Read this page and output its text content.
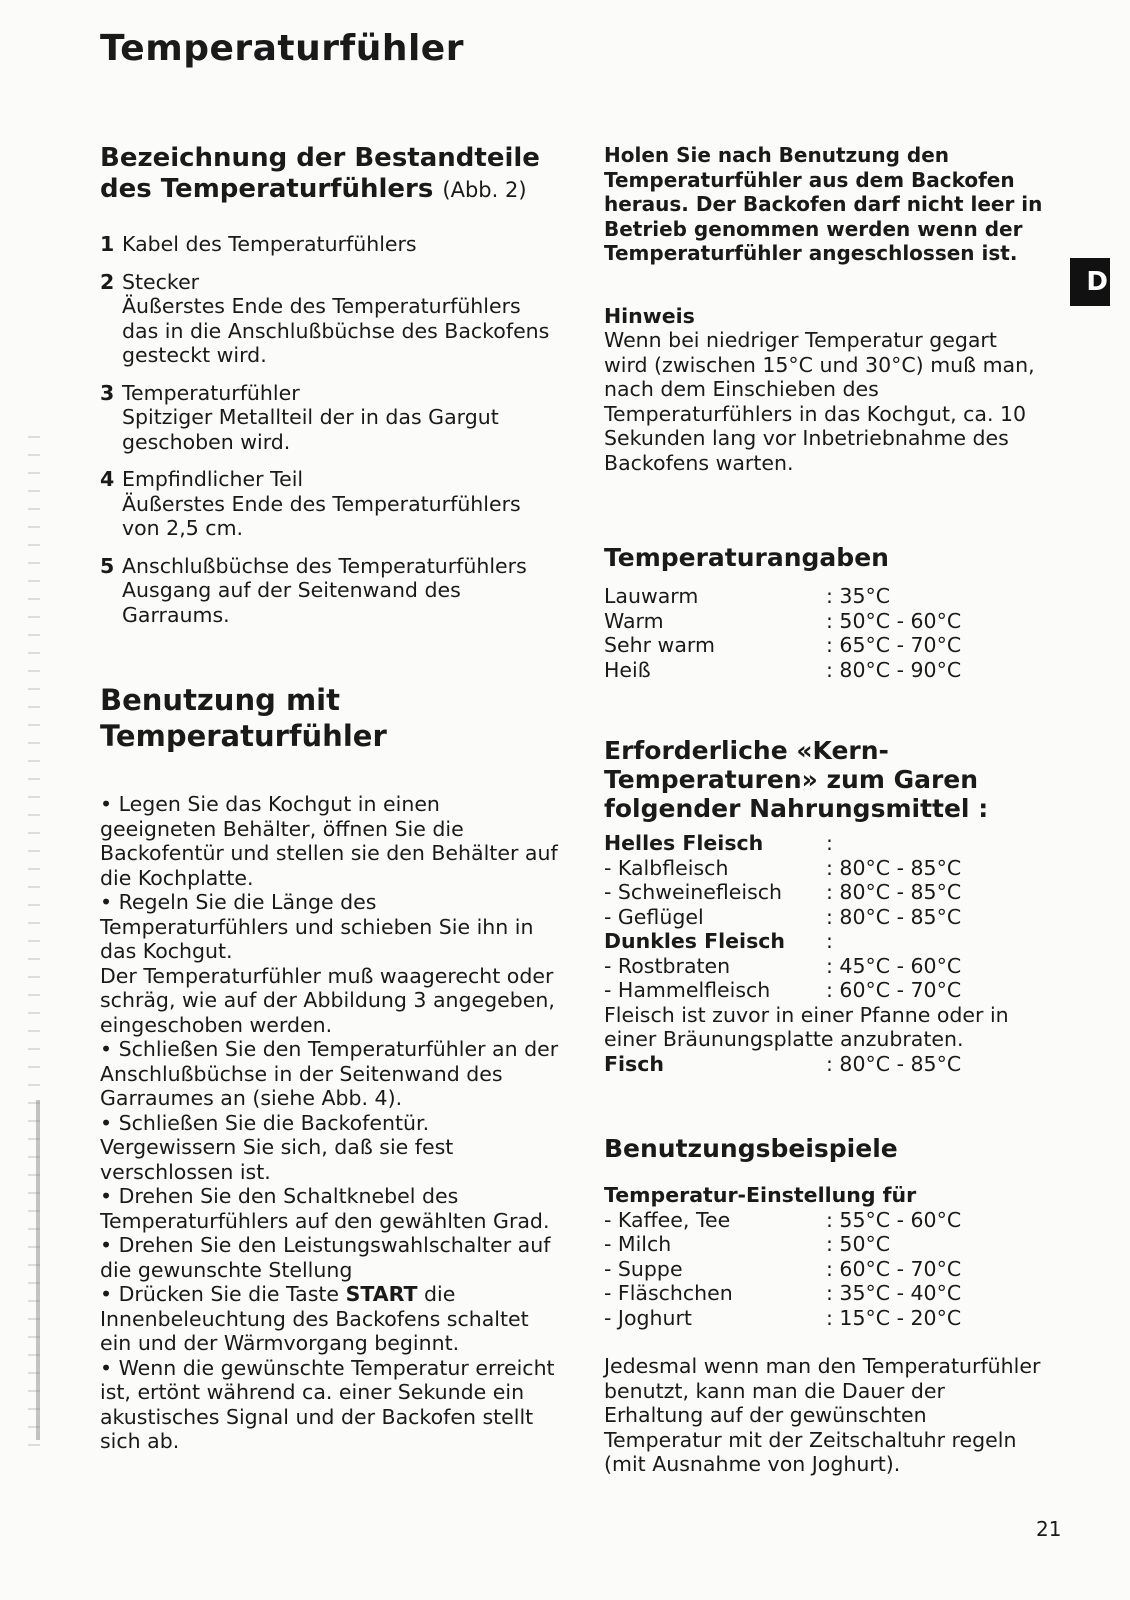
Temperaturfühler
D
Bezeichnung der Bestandteile des Temperaturfühlers (Abb. 2)
1 Kabel des Temperaturfühlers

2 Stecker

Äußerstes Ende des Temperaturfühlers das in die Anschlußbüchse des Backofens gesteckt wird.

3 Temperaturfühler

Spitziger Metallteil der in das Gargut geschoben wird.

4 Empfindlicher Teil

Äußerstes Ende des Temperaturfühlers von 2,5 cm.

5 Anschlußbüchse des Temperaturfühlers

Ausgang auf der Seitenwand des Garraums.

Benutzung mit
Temperaturfühler

• Legen Sie das Kochgut in einen geeigneten Behälter, öffnen Sie die Backofentür und stellen sie den Behälter auf die Kochplatte.

• Regeln Sie die Länge des Temperaturfühlers und schieben Sie ihn in das Kochgut.

Der Temperaturfühler muß waagerecht oder schräg, wie auf der Abbildung 3 angegeben, eingeschoben werden.

• Schließen Sie den Temperaturfühler an der Anschlußbüchse in der Seitenwand des Garraumes an (siehe Abb. 4).

• Schließen Sie die Backofentür. Vergewissern Sie sich, daß sie fest verschlossen ist.

• Drehen Sie den Schaltknebel des Temperaturfühlers auf den gewählten Grad.

• Drehen Sie den Leistungswahlschalter auf die gewunschte Stellung

• Drücken Sie die Taste START die Innenbeleuchtung des Backofens schaltet ein und der Wärmvorgang beginnt.

• Wenn die gewünschte Temperatur erreicht ist, ertönt während ca. einer Sekunde ein akustisches Signal und der Backofen stellt sich ab.

Holen Sie nach Benutzung den Temperaturfühler aus dem Backofen heraus. Der Backofen darf nicht leer in Betrieb genommen werden wenn der Temperaturfühler angeschlossen ist.

Hinweis

Wenn bei niedriger Temperatur gegart wird (zwischen 15°C und 30°C) muß man, nach dem Einschieben des Temperaturfühlers in das Kochgut, ca. 10 Sekunden lang vor Inbetriebnahme des Backofens warten.

Temperaturangaben
Lauwarm	: 35°C
Warm	: 50°C - 60°C
Sehr warm	: 65°C - 70°C
Heiß	: 80°C - 90°C
Erforderliche «Kern-
Temperaturen» zum Garen
folgender Nahrungsmittel :
Helles Fleisch	:
- Kalbfleisch	: 80°C - 85°C
- Schweinefleisch	: 80°C - 85°C
- Geflügel	: 80°C - 85°C
Dunkles Fleisch	:
- Rostbraten	: 45°C - 60°C
- Hammelfleisch	: 60°C - 70°C

Fleisch ist zuvor in einer Pfanne oder in einer Bräunungsplatte anzubraten.

Fisch	: 80°C - 85°C
Benutzungsbeispiele

Temperatur-Einstellung für

- Kaffee, Tee	: 55°C - 60°C
- Milch	: 50°C
- Suppe	: 60°C - 70°C
- Fläschchen	: 35°C - 40°C
- Joghurt	: 15°C - 20°C

Jedesmal wenn man den Temperaturfühler benutzt, kann man die Dauer der Erhaltung auf der gewünschten Temperatur mit der Zeitschaltuhr regeln (mit Ausnahme von Joghurt).

21
